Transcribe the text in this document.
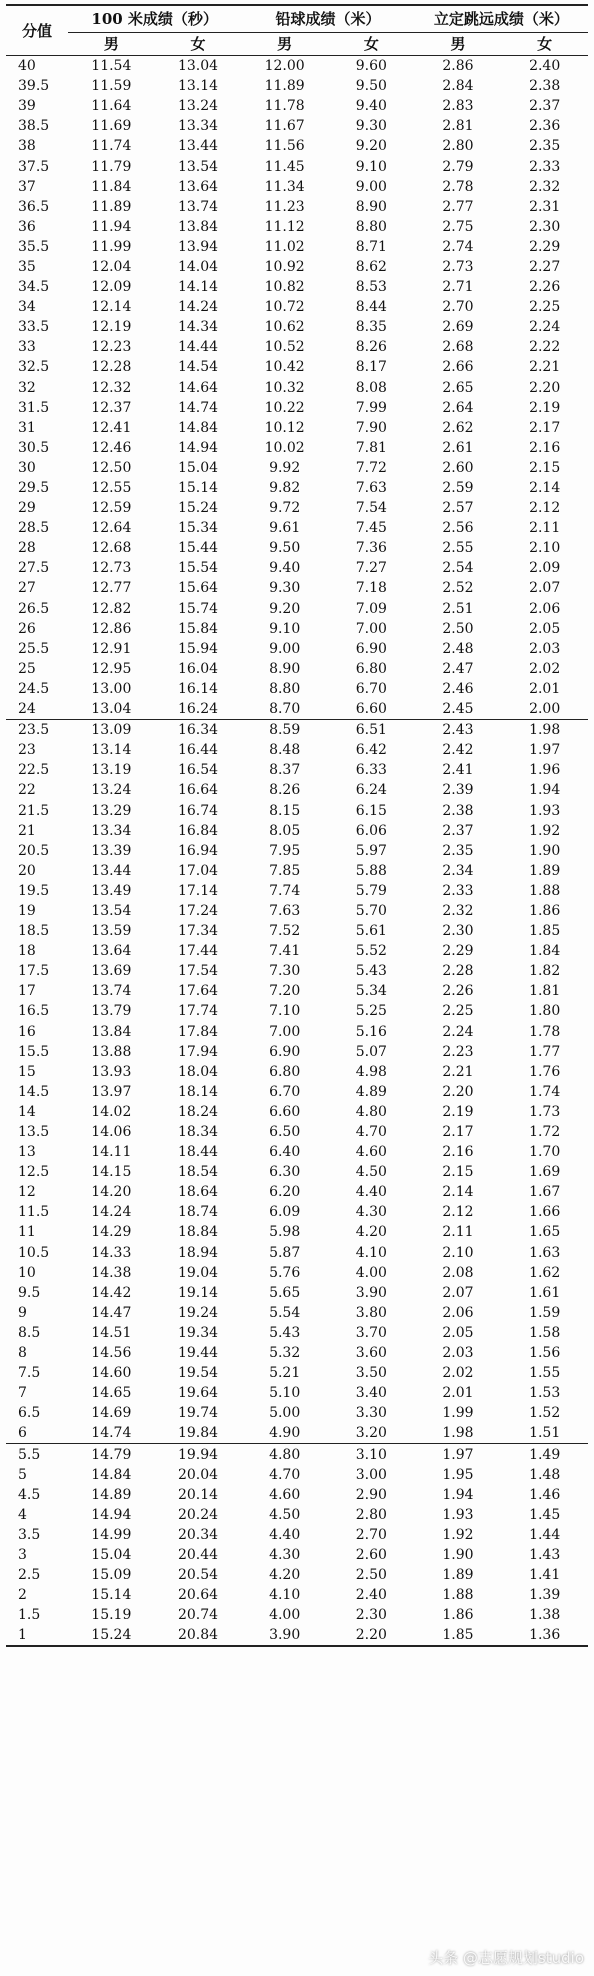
分值	100 米成绩（秒）		铅球成绩（米）		立定跳远成绩（米）	
	男	女	男	女	男	女
40	11.54	13.04	12.00	9.60	2.86	2.40
39.5	11.59	13.14	11.89	9.50	2.84	2.38
39	11.64	13.24	11.78	9.40	2.83	2.37
38.5	11.69	13.34	11.67	9.30	2.81	2.36
38	11.74	13.44	11.56	9.20	2.80	2.35
37.5	11.79	13.54	11.45	9.10	2.79	2.33
37	11.84	13.64	11.34	9.00	2.78	2.32
36.5	11.89	13.74	11.23	8.90	2.77	2.31
36	11.94	13.84	11.12	8.80	2.75	2.30
35.5	11.99	13.94	11.02	8.71	2.74	2.29
35	12.04	14.04	10.92	8.62	2.73	2.27
34.5	12.09	14.14	10.82	8.53	2.71	2.26
34	12.14	14.24	10.72	8.44	2.70	2.25
33.5	12.19	14.34	10.62	8.35	2.69	2.24
33	12.23	14.44	10.52	8.26	2.68	2.22
32.5	12.28	14.54	10.42	8.17	2.66	2.21
32	12.32	14.64	10.32	8.08	2.65	2.20
31.5	12.37	14.74	10.22	7.99	2.64	2.19
31	12.41	14.84	10.12	7.90	2.62	2.17
30.5	12.46	14.94	10.02	7.81	2.61	2.16
30	12.50	15.04	9.92	7.72	2.60	2.15
29.5	12.55	15.14	9.82	7.63	2.59	2.14
29	12.59	15.24	9.72	7.54	2.57	2.12
28.5	12.64	15.34	9.61	7.45	2.56	2.11
28	12.68	15.44	9.50	7.36	2.55	2.10
27.5	12.73	15.54	9.40	7.27	2.54	2.09
27	12.77	15.64	9.30	7.18	2.52	2.07
26.5	12.82	15.74	9.20	7.09	2.51	2.06
26	12.86	15.84	9.10	7.00	2.50	2.05
25.5	12.91	15.94	9.00	6.90	2.48	2.03
25	12.95	16.04	8.90	6.80	2.47	2.02
24.5	13.00	16.14	8.80	6.70	2.46	2.01
24	13.04	16.24	8.70	6.60	2.45	2.00
23.5	13.09	16.34	8.59	6.51	2.43	1.98
23	13.14	16.44	8.48	6.42	2.42	1.97
22.5	13.19	16.54	8.37	6.33	2.41	1.96
22	13.24	16.64	8.26	6.24	2.39	1.94
21.5	13.29	16.74	8.15	6.15	2.38	1.93
21	13.34	16.84	8.05	6.06	2.37	1.92
20.5	13.39	16.94	7.95	5.97	2.35	1.90
20	13.44	17.04	7.85	5.88	2.34	1.89
19.5	13.49	17.14	7.74	5.79	2.33	1.88
19	13.54	17.24	7.63	5.70	2.32	1.86
18.5	13.59	17.34	7.52	5.61	2.30	1.85
18	13.64	17.44	7.41	5.52	2.29	1.84
17.5	13.69	17.54	7.30	5.43	2.28	1.82
17	13.74	17.64	7.20	5.34	2.26	1.81
16.5	13.79	17.74	7.10	5.25	2.25	1.80
16	13.84	17.84	7.00	5.16	2.24	1.78
15.5	13.88	17.94	6.90	5.07	2.23	1.77
15	13.93	18.04	6.80	4.98	2.21	1.76
14.5	13.97	18.14	6.70	4.89	2.20	1.74
14	14.02	18.24	6.60	4.80	2.19	1.73
13.5	14.06	18.34	6.50	4.70	2.17	1.72
13	14.11	18.44	6.40	4.60	2.16	1.70
12.5	14.15	18.54	6.30	4.50	2.15	1.69
12	14.20	18.64	6.20	4.40	2.14	1.67
11.5	14.24	18.74	6.09	4.30	2.12	1.66
11	14.29	18.84	5.98	4.20	2.11	1.65
10.5	14.33	18.94	5.87	4.10	2.10	1.63
10	14.38	19.04	5.76	4.00	2.08	1.62
9.5	14.42	19.14	5.65	3.90	2.07	1.61
9	14.47	19.24	5.54	3.80	2.06	1.59
8.5	14.51	19.34	5.43	3.70	2.05	1.58
8	14.56	19.44	5.32	3.60	2.03	1.56
7.5	14.60	19.54	5.21	3.50	2.02	1.55
7	14.65	19.64	5.10	3.40	2.01	1.53
6.5	14.69	19.74	5.00	3.30	1.99	1.52
6	14.74	19.84	4.90	3.20	1.98	1.51
5.5	14.79	19.94	4.80	3.10	1.97	1.49
5	14.84	20.04	4.70	3.00	1.95	1.48
4.5	14.89	20.14	4.60	2.90	1.94	1.46
4	14.94	20.24	4.50	2.80	1.93	1.45
3.5	14.99	20.34	4.40	2.70	1.92	1.44
3	15.04	20.44	4.30	2.60	1.90	1.43
2.5	15.09	20.54	4.20	2.50	1.89	1.41
2	15.14	20.64	4.10	2.40	1.88	1.39
1.5	15.19	20.74	4.00	2.30	1.86	1.38
1	15.24	20.84	3.90	2.20	1.85	1.36
头条 @志愿规划studio
